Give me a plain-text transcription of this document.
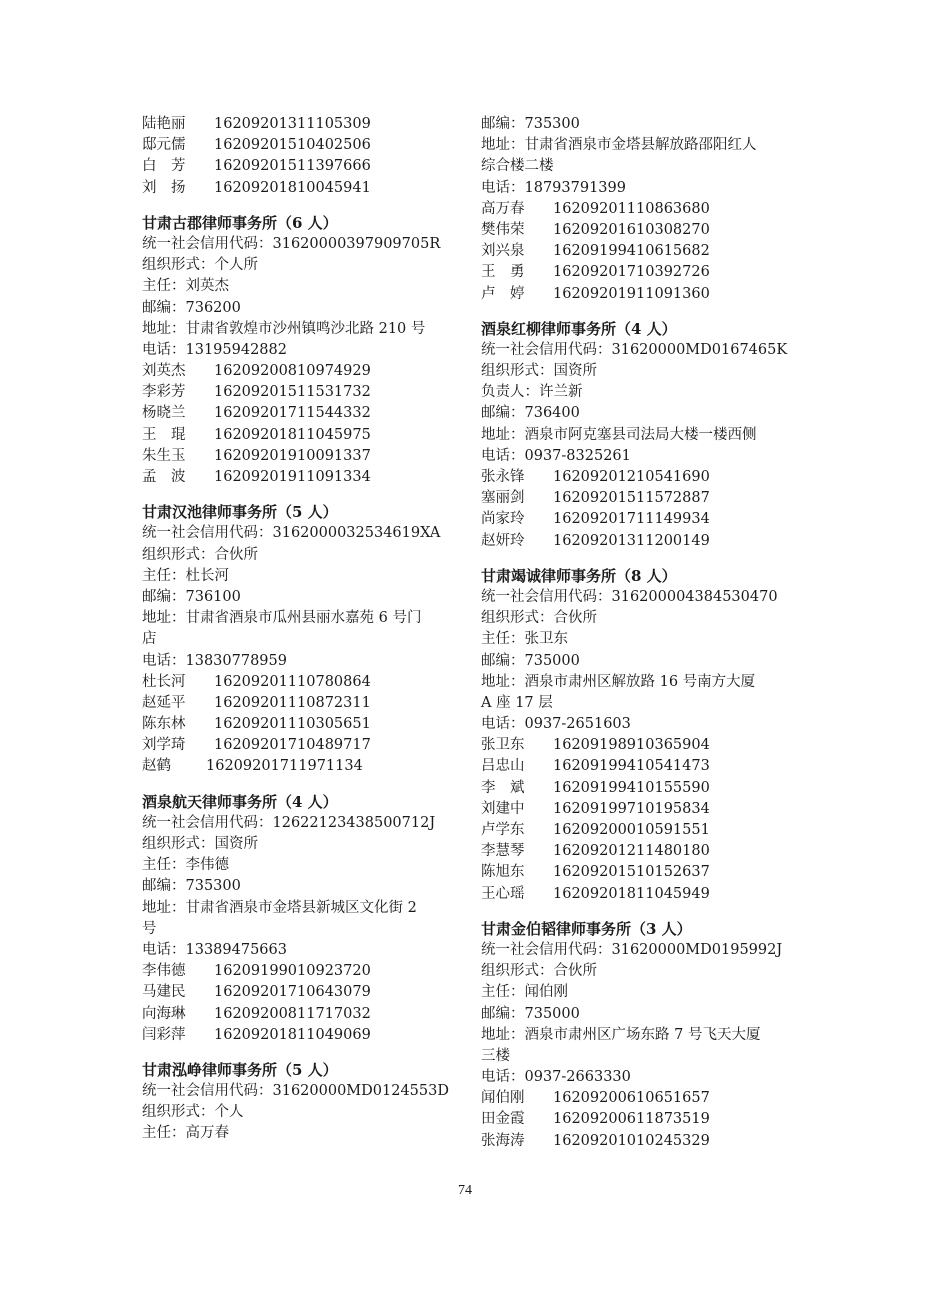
陆艳丽	16209201311105309
邸元儒	16209201510402506
白　芳	16209201511397666
刘　扬	16209201810045941
甘肃古郡律师事务所（6 人）
统一社会信用代码：31620000397909705R
组织形式：个人所
主任：刘英杰
邮编：736200
地址：甘肃省敦煌市沙州镇鸣沙北路 210 号
电话：13195942882
刘英杰	16209200810974929
李彩芳	16209201511531732
杨晓兰	16209201711544332
王　琨	16209201811045975
朱生玉	16209201910091337
孟　波	16209201911091334
甘肃汉池律师事务所（5 人）
统一社会信用代码：3162000032534619XA
组织形式：合伙所
主任：杜长河
邮编：736100
地址：甘肃省酒泉市瓜州县丽水嘉苑 6 号门
店
电话：13830778959
杜长河	16209201110780864
赵延平	16209201110872311
陈东林	16209201110305651
刘学琦	16209201710489717
赵鹤	16209201711971134
酒泉航天律师事务所（4 人）
统一社会信用代码：12622123438500712J
组织形式：国资所
主任：李伟德
邮编：735300
地址：甘肃省酒泉市金塔县新城区文化街 2
号
电话：13389475663
李伟德	16209199010923720
马建民	16209201710643079
向海琳	16209200811717032
闫彩萍	16209201811049069
甘肃泓峥律师事务所（5 人）
统一社会信用代码：31620000MD0124553D
组织形式：个人
主任：高万春
邮编：735300
地址：甘肃省酒泉市金塔县解放路邵阳红人
综合楼二楼
电话：18793791399
高万春	16209201110863680
樊伟荣	16209201610308270
刘兴泉	16209199410615682
王　勇	16209201710392726
卢　婷	16209201911091360
酒泉红柳律师事务所（4 人）
统一社会信用代码：31620000MD0167465K
组织形式：国资所
负责人：许兰新
邮编：736400
地址：酒泉市阿克塞县司法局大楼一楼西侧
电话：0937-8325261
张永锋	16209201210541690
塞丽剑	16209201511572887
尚家玲	16209201711149934
赵妍玲	16209201311200149
甘肃竭诚律师事务所（8 人）
统一社会信用代码：316200004384530470
组织形式：合伙所
主任：张卫东
邮编：735000
地址：酒泉市肃州区解放路 16 号南方大厦
A 座 17 层
电话：0937-2651603
张卫东	16209198910365904
吕忠山	16209199410541473
李　斌	16209199410155590
刘建中	16209199710195834
卢学东	16209200010591551
李慧琴	16209201211480180
陈旭东	16209201510152637
王心瑶	16209201811045949
甘肃金伯韬律师事务所（3 人）
统一社会信用代码：31620000MD0195992J
组织形式：合伙所
主任：闻伯刚
邮编：735000
地址：酒泉市肃州区广场东路 7 号飞天大厦
三楼
电话：0937-2663330
闻伯刚	16209200610651657
田金霞	16209200611873519
张海涛	16209201010245329
74
